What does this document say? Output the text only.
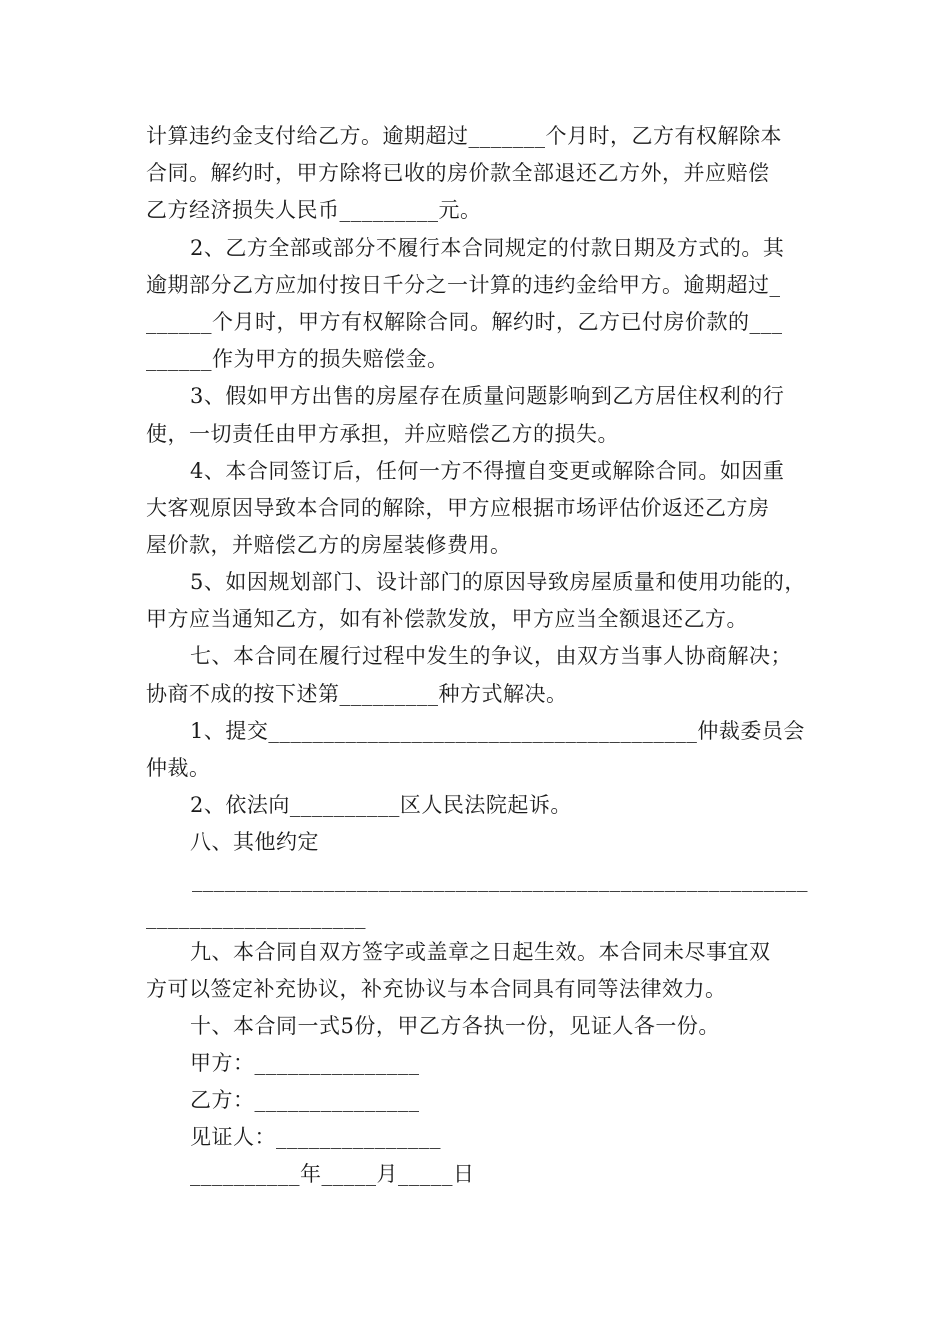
计算违约金支付给乙方。逾期超过_______个月时，乙方有权解除本
合同。解约时，甲方除将已收的房价款全部退还乙方外，并应赔偿
乙方经济损失人民币_________元。
2、乙方全部或部分不履行本合同规定的付款日期及方式的。其
逾期部分乙方应加付按日千分之一计算的违约金给甲方。逾期超过_
______个月时，甲方有权解除合同。解约时，乙方已付房价款的___
______作为甲方的损失赔偿金。
3、假如甲方出售的房屋存在质量问题影响到乙方居住权利的行
使，一切责任由甲方承担，并应赔偿乙方的损失。
4、本合同签订后，任何一方不得擅自变更或解除合同。如因重
大客观原因导致本合同的解除，甲方应根据市场评估价返还乙方房
屋价款，并赔偿乙方的房屋装修费用。
5、如因规划部门、设计部门的原因导致房屋质量和使用功能的，
甲方应当通知乙方，如有补偿款发放，甲方应当全额退还乙方。
七、本合同在履行过程中发生的争议，由双方当事人协商解决；
协商不成的按下述第_________种方式解决。
1、提交_______________________________________仲裁委员会
仲裁。
2、依法向__________区人民法院起诉。
八、其他约定
________________________________________________________
____________________
九、本合同自双方签字或盖章之日起生效。本合同未尽事宜双
方可以签定补充协议，补充协议与本合同具有同等法律效力。
十、本合同一式5份，甲乙方各执一份，见证人各一份。
甲方：_______________
乙方：_______________
见证人：_______________
__________年_____月_____日
